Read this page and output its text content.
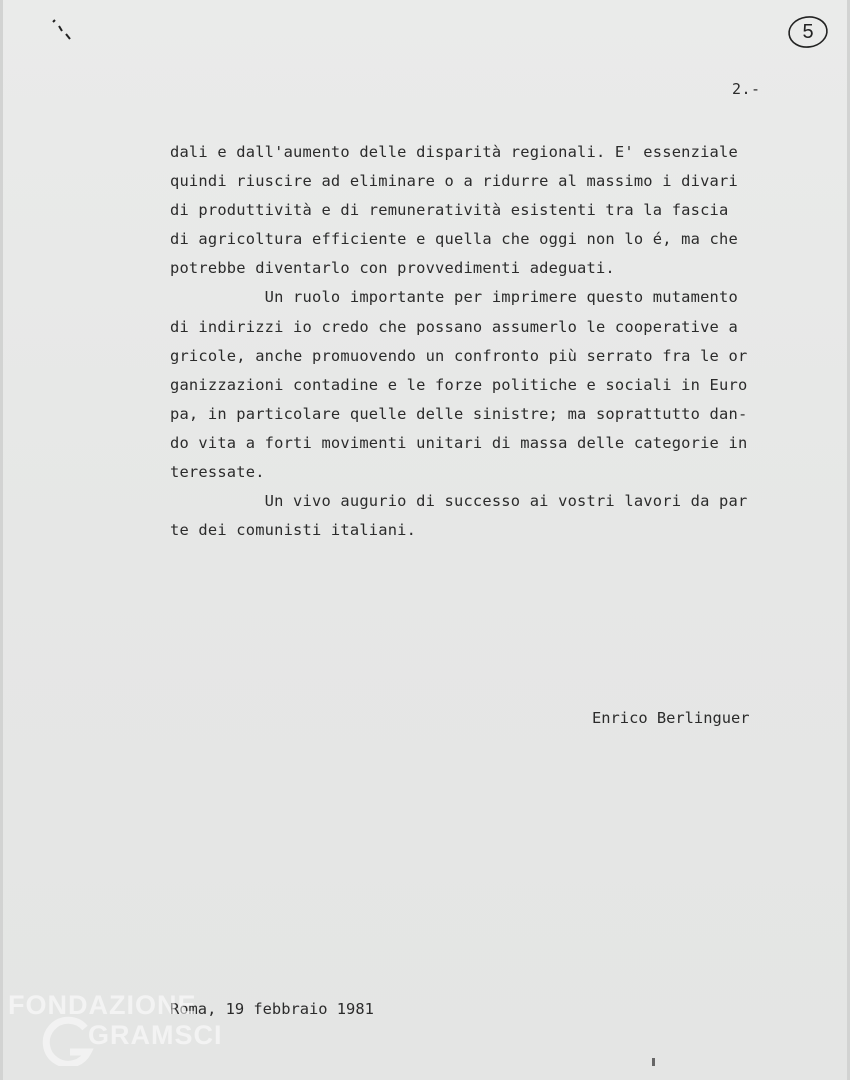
5
2.-
dali e dall'aumento delle disparità regionali. E' essenziale
quindi riuscire ad eliminare o a ridurre al massimo i divari
di produttività e di remuneratività esistenti tra la fascia
di agricoltura efficiente e quella che oggi non lo é, ma che
potrebbe diventarlo con provvedimenti adeguati.
Un ruolo importante per imprimere questo mutamento
di indirizzi io credo che possano assumerlo le cooperative a
gricole, anche promuovendo un confronto più serrato fra le or
ganizzazioni contadine e le forze politiche e sociali in Euro
pa, in particolare quelle delle sinistre; ma soprattutto dan-
do vita a forti movimenti unitari di massa delle categorie in
teressate.
Un vivo augurio di successo ai vostri lavori da par
te dei comunisti italiani.
Enrico Berlinguer
Roma, 19 febbraio 1981
FONDAZIONE
GRAMSCI
